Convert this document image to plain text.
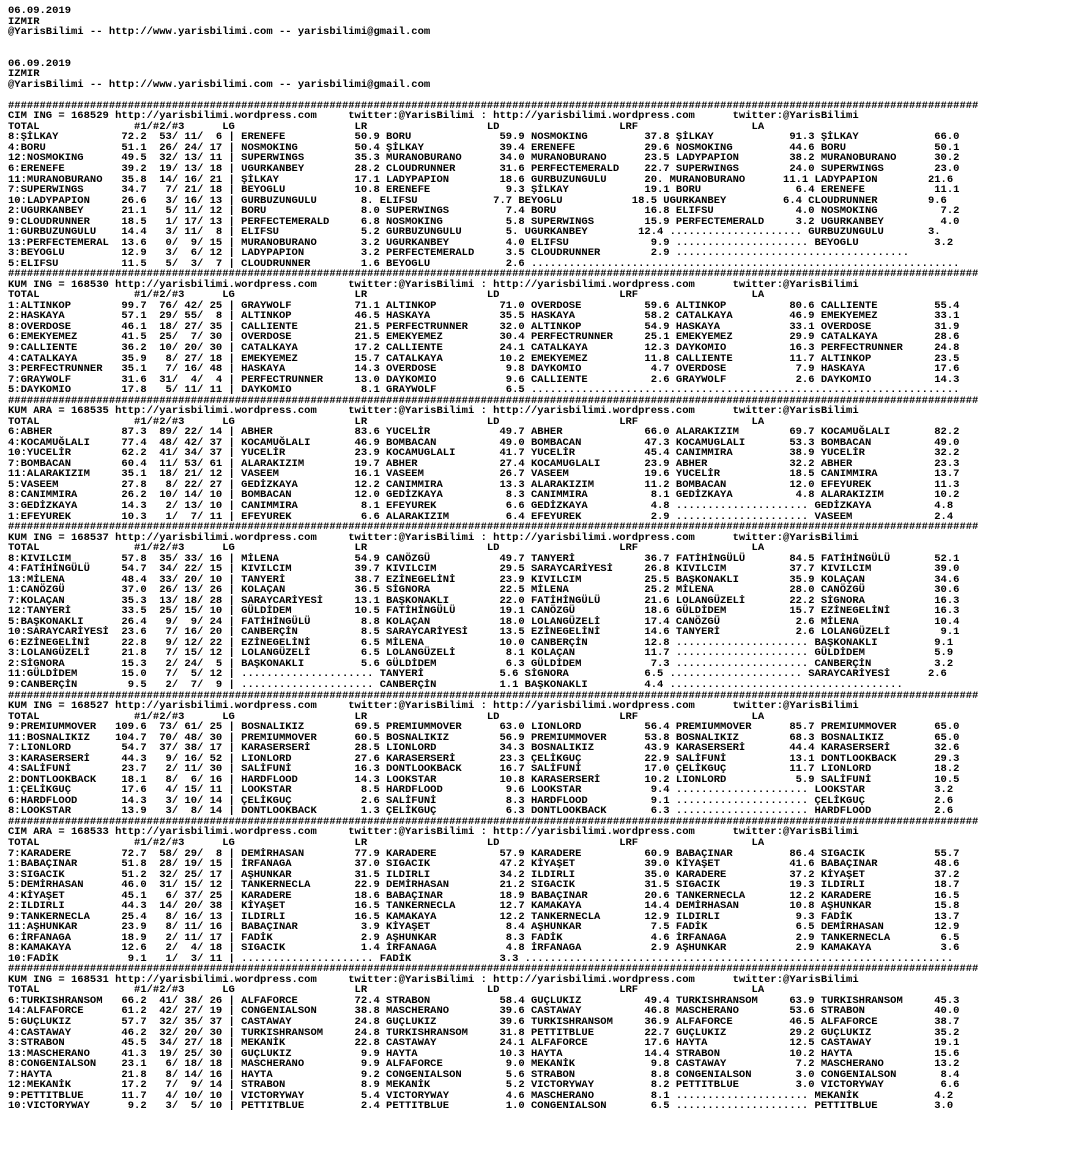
06.09.2019
IZMIR
@YarisBilimi -- http://www.yarisbilimi.com -- yarisbilimi@gmail.com

06.09.2019
IZMIR
@YarisBilimi -- http://www.yarisbilimi.com -- yarisbilimi@gmail.com

##########################################################################################################################################################
CIM ING = 168529 http://yarisbilimi.wordpress.com     twitter:@YarisBilimi : http://yarisbilimi.wordpress.com      twitter:@YarisBilimi
TOTAL               #1/#2/#3      LG                   LR                   LD                   LRF                  LA
8:ŞİLKAY          72.2  53/ 11/  6 | ERENEFE           50.9 BORU              59.9 NOSMOKING         37.8 ŞİLKAY            91.3 ŞİLKAY            66.0
4:BORU            51.1  26/ 24/ 17 | NOSMOKING         50.4 ŞİLKAY            39.4 ERENEFE           29.6 NOSMOKING         44.6 BORU              50.1
12:NOSMOKING      49.5  32/ 13/ 11 | SUPERWINGS        35.3 MURANOBURANO      34.0 MURANOBURANO      23.5 LADYPAPION        38.2 MURANOBURANO      30.2
6:ERENEFE         39.2  19/ 13/ 18 | UGURKANBEY        28.2 CLOUDRUNNER       31.6 PERFECTEMERALD    22.7 SUPERWINGS        24.0 SUPERWINGS        23.0
11:MURANOBURANO   35.8  14/ 16/ 21 | ŞİLKAY            17.1 LADYPAPION        18.6 GURBUZUNGULU      20. MURANOBURANO      11.1 LADYPAPION        21.6
7:SUPERWINGS      34.7   7/ 21/ 18 | BEYOGLU           10.8 ERENEFE            9.3 ŞİLKAY            19.1 BORU               6.4 ERENEFE           11.1
10:LADYPAPION     26.6   3/ 16/ 13 | GURBUZUNGULU       8. ELIFSU            7.7 BEYOGLU           18.5 UGURKANBEY         6.4 CLOUDRUNNER        9.6
2:UGURKANBEY      21.1   5/ 11/ 12 | BORU               8.0 SUPERWINGS         7.4 BORU              16.8 ELIFSU             4.0 NOSMOKING          7.2
9:CLOUDRUNNER     18.5   1/ 17/ 13 | PERFECTEMERALD     6.8 NOSMOKING          5.8 SUPERWINGS        15.9 PERFECTEMERALD     3.2 UGURKANBEY         4.0
1:GURBUZUNGULU    14.4   3/ 11/  8 | ELIFSU             5.2 GURBUZUNGULU       5. UGURKANBEY        12.4 ..................... GURBUZUNGULU       3.
13:PERFECTEMERAL  13.6   0/  9/ 15 | MURANOBURANO       3.2 UGURKANBEY         4.0 ELIFSU             9.9 ..................... BEYOGLU            3.2
3:BEYOGLU         12.9   3/  6/ 12 | LADYPAPION         3.2 PERFECTEMERALD     3.5 CLOUDRUNNER        2.9 .....................................
5:ELIFSU          11.5   5/  3/  7 | CLOUDRUNNER        1.6 BEYOGLU            2.6 ....................................................................
##########################################################################################################################################################
KUM ING = 168530 http://yarisbilimi.wordpress.com     twitter:@YarisBilimi : http://yarisbilimi.wordpress.com      twitter:@YarisBilimi
TOTAL               #1/#2/#3      LG                   LR                   LD                   LRF                  LA
1:ALTINKOP        99.7  76/ 42/ 25 | GRAYWOLF          71.1 ALTINKOP          71.0 OVERDOSE          59.6 ALTINKOP          80.6 CALLIENTE         55.4
2:HASKAYA         57.1  29/ 55/  8 | ALTINKOP          46.5 HASKAYA           35.5 HASKAYA           58.2 CATALKAYA         46.9 EMEKYEMEZ         33.1
8:OVERDOSE        46.1  18/ 27/ 35 | CALLIENTE         21.5 PERFECTRUNNER     32.0 ALTINKOP          54.9 HASKAYA           33.1 OVERDOSE          31.9
6:EMEKYEMEZ       41.5  25/  7/ 30 | OVERDOSE          21.5 EMEKYEMEZ         30.4 PERFECTRUNNER     25.1 EMEKYEMEZ         29.9 CATALKAYA         28.6
9:CALLIENTE       36.2  10/ 20/ 30 | CATALKAYA         17.2 CALLIENTE         24.1 CATALKAYA         12.3 DAYKOMIO          16.3 PERFECTRUNNER     24.8
4:CATALKAYA       35.9   8/ 27/ 18 | EMEKYEMEZ         15.7 CATALKAYA         10.2 EMEKYEMEZ         11.8 CALLIENTE         11.7 ALTINKOP          23.5
3:PERFECTRUNNER   35.1   7/ 16/ 48 | HASKAYA           14.3 OVERDOSE           9.8 DAYKOMIO           4.7 OVERDOSE           7.9 HASKAYA           17.6
7:GRAYWOLF        31.6  31/  4/  4 | PERFECTRUNNER     13.0 DAYKOMIO           9.6 CALLIENTE          2.6 GRAYWOLF           2.6 DAYKOMIO          14.3
5:DAYKOMIO        17.8   5/ 11/ 11 | DAYKOMIO           8.1 GRAYWOLF           6.5 ....................................................................
##########################################################################################################################################################
KUM ARA = 168535 http://yarisbilimi.wordpress.com     twitter:@YarisBilimi : http://yarisbilimi.wordpress.com      twitter:@YarisBilimi
TOTAL               #1/#2/#3      LG                   LR                   LD                   LRF                  LA
6:ABHER           87.3  89/ 22/ 14 | ABHER             83.6 YUCELİR           49.7 ABHER             66.0 ALARAKIZIM        69.7 KOCAMUĞLALI       82.2
4:KOCAMUĞLALI     77.4  48/ 42/ 37 | KOCAMUĞLALI       46.9 BOMBACAN          49.0 BOMBACAN          47.3 KOCAMUGLALI       53.3 BOMBACAN          49.0
10:YUCELİR        62.2  41/ 34/ 37 | YUCELİR           23.9 KOCAMUGLALI       41.7 YUCELİR           45.4 CANIMMIRA         38.9 YUCELİR           32.2
7:BOMBACAN        60.4  11/ 53/ 61 | ALARAKIZIM        19.7 ABHER             27.4 KOCAMUGLALI       23.9 ABHER             32.2 ABHER             23.3
11:ALARAKIZIM     35.1  18/ 21/ 12 | VASEEM            16.1 VASEEM            26.7 VASEEM            19.6 YUCELİR           18.5 CANIMMIRA         13.7
5:VASEEM          27.8   8/ 22/ 27 | GEDİZKAYA         12.2 CANIMMIRA         13.3 ALARAKIZIM        11.2 BOMBACAN          12.0 EFEYUREK          11.3
8:CANIMMIRA       26.2  10/ 14/ 10 | BOMBACAN          12.0 GEDİZKAYA          8.3 CANIMMIRA          8.1 GEDİZKAYA          4.8 ALARAKIZIM        10.2
3:GEDİZKAYA       14.3   2/ 13/ 10 | CANIMMIRA          8.1 EFEYUREK           6.6 GEDİZKAYA          4.8 ..................... GEDİZKAYA          4.8
1:EFEYUREK        10.3   1/  7/ 11 | EFEYUREK           6.6 ALARAKIZIM         6.4 EFEYUREK           2.9 ..................... VASEEM             2.4
##########################################################################################################################################################
KUM ING = 168537 http://yarisbilimi.wordpress.com     twitter:@YarisBilimi : http://yarisbilimi.wordpress.com      twitter:@YarisBilimi
TOTAL               #1/#2/#3      LG                   LR                   LD                   LRF                  LA
8:KIVILCIM        57.8  35/ 33/ 16 | MİLENA            54.9 CANÖZGÜ           49.7 TANYERİ           36.7 FATİHİNGÜLÜ       84.5 FATİHİNGÜLÜ       52.1
4:FATİHİNGÜLÜ     54.7  34/ 22/ 15 | KIVILCIM          39.7 KIVILCIM          29.5 SARAYCARİYESİ     26.8 KIVILCIM          37.7 KIVILCIM          39.0
13:MİLENA         48.4  33/ 20/ 10 | TANYERİ           38.7 EZİNEGELİNİ       23.9 KIVILCIM          25.5 BAŞKONAKLI        35.9 KOLAÇAN           34.6
1:CANÖZGÜ         37.0  26/ 13/ 26 | KOLAÇAN           36.5 SİGNORA           22.5 MİLENA            25.2 MİLENA            28.0 CANÖZGÜ           30.6
7:KOLAÇAN         35.3  13/ 18/ 28 | SARAYCARİYESİ     13.1 BAŞKONAKLI        22.0 FATİHİNGÜLÜ       21.6 LOLANGÜZELİ       22.2 SİGNORA           16.3
12:TANYERİ        33.5  25/ 15/ 10 | GÜLDİDEM          10.5 FATİHİNGÜLÜ       19.1 CANÖZGÜ           18.6 GÜLDİDEM          15.7 EZİNEGELİNİ       16.3
5:BAŞKONAKLI      26.4   9/  9/ 24 | FATİHİNGÜLÜ        8.8 KOLAÇAN           18.0 LOLANGÜZELİ       17.4 CANÖZGÜ            2.6 MİLENA            10.4
10:SARAYCARİYESİ  23.6   7/ 16/ 20 | CANBERÇİN          8.5 SARAYCARİYESİ     13.5 EZİNEGELİNİ       14.6 TANYERİ            2.6 LOLANGÜZELİ        9.1
6:EZİNEGELİNİ     22.8   9/ 12/ 22 | EZİNEGELİNİ        6.5 MİLENA            10.0 CANBERÇİN         12.8 ..................... BAŞKONAKLI         9.1
3:LOLANGÜZELİ     21.8   7/ 15/ 12 | LOLANGÜZELİ        6.5 LOLANGÜZELİ        8.1 KOLAÇAN           11.7 ..................... GÜLDİDEM           5.9
2:SİGNORA         15.3   2/ 24/  5 | BAŞKONAKLI         5.6 GÜLDİDEM           6.3 GÜLDİDEM           7.3 ..................... CANBERÇİN          3.2
11:GÜLDİDEM       15.0   7/  5/ 12 | ..................... TANYERİ            5.6 SİGNORA            6.5 ..................... SARAYCARİYESİ      2.6
9:CANBERÇİN        9.5   2/  7/  9 | ..................... CANBERÇİN          1.1 BAŞKONAKLI         4.4 .....................................
##########################################################################################################################################################
KUM ING = 168527 http://yarisbilimi.wordpress.com     twitter:@YarisBilimi : http://yarisbilimi.wordpress.com      twitter:@YarisBilimi
TOTAL               #1/#2/#3      LG                   LR                   LD                   LRF                  LA
9:PREMIUMMOVER   109.6  73/ 61/ 25 | BOSNALIKIZ        69.5 PREMIUMMOVER      63.0 LIONLORD          56.4 PREMIUMMOVER      85.7 PREMIUMMOVER      65.0
11:BOSNALIKIZ    104.7  70/ 48/ 30 | PREMIUMMOVER      60.5 BOSNALIKIZ        56.9 PREMIUMMOVER      53.8 BOSNALIKIZ        68.3 BOSNALIKIZ        65.0
7:LIONLORD        54.7  37/ 38/ 17 | KARASERSERİ       28.5 LIONLORD          34.3 BOSNALIKIZ        43.9 KARASERSERİ       44.4 KARASERSERİ       32.6
3:KARASERSERİ     44.3   9/ 16/ 52 | LIONLORD          27.6 KARASERSERİ       23.3 ÇELİKGUÇ          22.9 SALİFUNİ          13.1 DONTLOOKBACK      29.3
4:SALİFUNİ        23.7   2/ 11/ 30 | SALİFUNİ          16.3 DONTLOOKBACK      16.7 SALİFUNİ          17.0 ÇELİKGUÇ          11.7 LIONLORD          18.2
2:DONTLOOKBACK    18.1   8/  6/ 16 | HARDFLOOD         14.3 LOOKSTAR          10.8 KARASERSERİ       10.2 LIONLORD           5.9 SALİFUNİ          10.5
1:ÇELİKGUÇ        17.6   4/ 15/ 11 | LOOKSTAR           8.5 HARDFLOOD          9.6 LOOKSTAR           9.4 ..................... LOOKSTAR           3.2
6:HARDFLOOD       14.3   3/ 10/ 14 | ÇELİKGUÇ           2.6 SALİFUNİ           8.3 HARDFLOOD          9.1 ..................... ÇELİKGUÇ           2.6
8:LOOKSTAR        13.9   3/  8/ 14 | DONTLOOKBACK       1.3 ÇELİKGUÇ           6.3 DONTLOOKBACK       6.3 ..................... HARDFLOOD          2.6
##########################################################################################################################################################
CIM ARA = 168533 http://yarisbilimi.wordpress.com     twitter:@YarisBilimi : http://yarisbilimi.wordpress.com      twitter:@YarisBilimi
TOTAL               #1/#2/#3      LG                   LR                   LD                   LRF                  LA
7:KARADERE        72.7  58/ 29/  8 | DEMİRHASAN        77.9 KARADERE          57.9 KARADERE          60.9 BABAÇINAR         86.4 SIGACIK           55.7
1:BABAÇINAR       51.8  28/ 19/ 15 | İRFANAGA          37.0 SIGACIK           47.2 KİYAŞET           39.0 KİYAŞET           41.6 BABAÇINAR         48.6
3:SIGACIK         51.2  32/ 25/ 17 | AŞHUNKAR          31.5 ILDIRLI           34.2 ILDIRLI           35.0 KARADERE          37.2 KİYAŞET           37.2
5:DEMİRHASAN      46.0  31/ 15/ 12 | TANKERNECLA       22.9 DEMİRHASAN        21.2 SIGACIK           31.5 SIGACIK           19.3 ILDIRLI           18.7
4:KİYAŞET         45.1   6/ 37/ 25 | KARADERE          18.6 BABAÇINAR         18.9 BABAÇINAR         20.6 TANKERNECLA       12.2 KARADERE          16.5
2:ILDIRLI         44.3  14/ 20/ 38 | KİYAŞET           16.5 TANKERNECLA       12.7 KAMAKAYA          14.4 DEMİRHASAN        10.8 AŞHUNKAR          15.8
9:TANKERNECLA     25.4   8/ 16/ 13 | ILDIRLI           16.5 KAMAKAYA          12.2 TANKERNECLA       12.9 ILDIRLI            9.3 FADİK             13.7
11:AŞHUNKAR       23.9   8/ 11/ 16 | BABAÇINAR          3.9 KİYAŞET            8.4 AŞHUNKAR           7.5 FADİK              6.5 DEMİRHASAN        12.9
6:İRFANAGA        18.9   2/ 11/ 17 | FADİK              2.9 AŞHUNKAR           8.3 FADİK              4.6 İRFANAGA           2.9 TANKERNECLA        6.5
8:KAMAKAYA        12.6   2/  4/ 18 | SIGACIK            1.4 İRFANAGA           4.8 İRFANAGA           2.9 AŞHUNKAR           2.9 KAMAKAYA           3.6
10:FADİK           9.1   1/  3/ 11 | ..................... FADİK              3.3 ....................................................................
##########################################################################################################################################################
KUM ING = 168531 http://yarisbilimi.wordpress.com     twitter:@YarisBilimi : http://yarisbilimi.wordpress.com      twitter:@YarisBilimi
TOTAL               #1/#2/#3      LG                   LR                   LD                   LRF                  LA
6:TURKISHRANSOM   66.2  41/ 38/ 26 | ALFAFORCE         72.4 STRABON           58.4 GUÇLUKIZ          49.4 TURKISHRANSOM     63.9 TURKISHRANSOM     45.3
14:ALFAFORCE      61.2  42/ 27/ 19 | CONGENIALSON      38.8 MASCHERANO        39.6 CASTAWAY          46.8 MASCHERANO        53.6 STRABON           40.0
5:GUÇLUKIZ        57.7  32/ 35/ 37 | CASTAWAY          24.8 GUÇLUKIZ          39.6 TURKISHRANSOM     36.9 ALFAFORCE         46.5 ALFAFORCE         38.7
4:CASTAWAY        46.2  32/ 20/ 30 | TURKISHRANSOM     24.8 TURKISHRANSOM     31.8 PETTITBLUE        22.7 GUÇLUKIZ          29.2 GUÇLUKIZ          35.2
3:STRABON         45.5  34/ 27/ 18 | MEKANİK           22.8 CASTAWAY          24.1 ALFAFORCE         17.6 HAYTA             12.5 CASTAWAY          19.1
13:MASCHERANO     41.3  19/ 25/ 30 | GUÇLUKIZ           9.9 HAYTA             10.3 HAYTA             14.4 STRABON           10.2 HAYTA             15.6
8:CONGENIALSON    23.1   6/ 18/ 18 | MASCHERANO         9.9 ALFAFORCE          9.0 MEKANİK            9.8 CASTAWAY           7.2 MASCHERANO        13.2
7:HAYTA           21.8   8/ 14/ 16 | HAYTA              9.2 CONGENIALSON       5.6 STRABON            8.8 CONGENIALSON       3.0 CONGENIALSON       8.4
12:MEKANİK        17.2   7/  9/ 14 | STRABON            8.9 MEKANİK            5.2 VICTORYWAY         8.2 PETTITBLUE         3.0 VICTORYWAY         6.6
9:PETTITBLUE      11.7   4/ 10/ 10 | VICTORYWAY         5.4 VICTORYWAY         4.6 MASCHERANO         8.1 ..................... MEKANİK            4.2
10:VICTORYWAY      9.2   3/  5/ 10 | PETTITBLUE         2.4 PETTITBLUE         1.0 CONGENIALSON       6.5 ..................... PETTITBLUE         3.0
